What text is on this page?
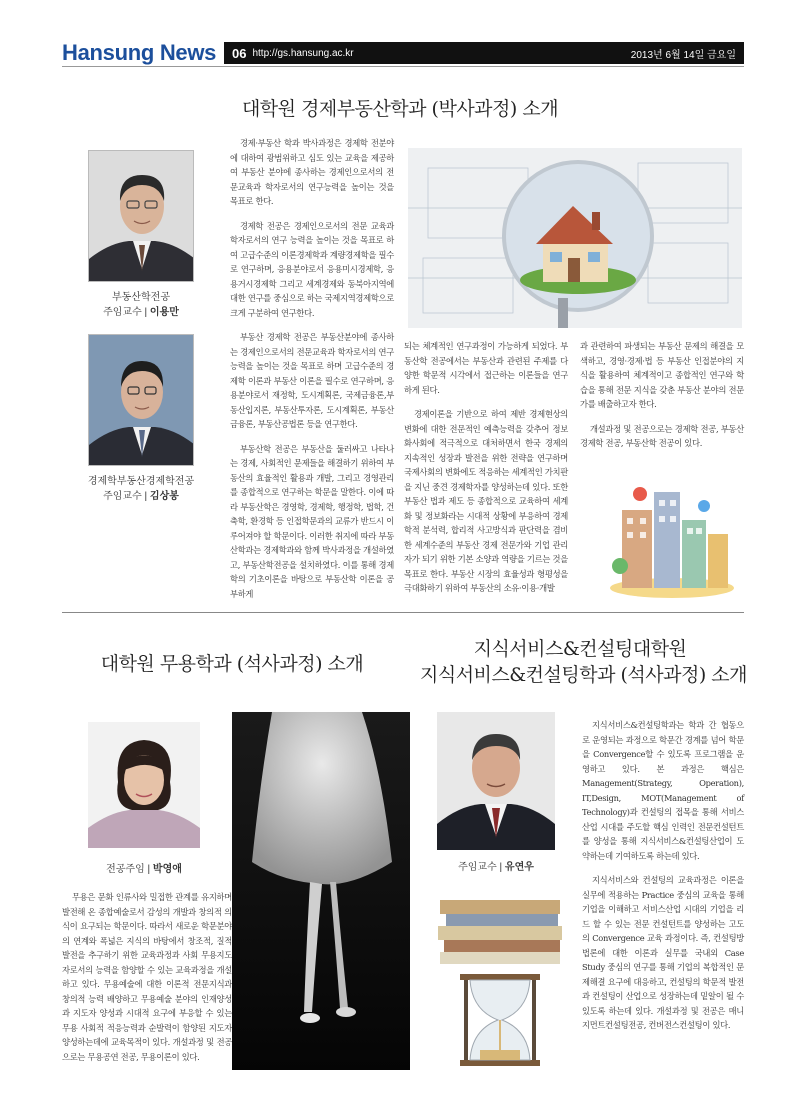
Hansung News 06 http://gs.hansung.ac.kr	2013년 6월 14일 금요일
대학원 경제부동산학과 (박사과정) 소개
부동산학전공
주임교수 | 이용만
경제학부동산경제학전공
주임교수 | 김상봉

경제·부동산 학과 박사과정은 경제학 전분야에 대하여 광범위하고 심도 있는 교육을 제공하여 부동산 분야에 종사하는 경제인으로서의 전문교육과 학자로서의 연구능력을 높이는 것을 목표로 한다.

경제학 전공은 경제인으로서의 전문 교육과 학자로서의 연구 능력을 높이는 것을 목표로 하여 고급수준의 이론경제학과 계량경제학을 필수로 연구하며, 응용분야로서 응용미시경제학, 응용거시경제학 그리고 세계경제와 동북아지역에 대한 연구를 중심으로 하는 국제지역경제학으로 크게 구분하여 연구한다.

부동산 경제학 전공은 부동산분야에 종사하는 경제인으로서의 전문교육과 학자로서의 연구 능력을 높이는 것을 목표로 하며 고급수준의 경제학 이론과 부동산 이론을 필수로 연구하며, 응용분야로서 재정학, 도시계획론, 국제금융론,부동산입지론, 부동산투자론, 도시계획론, 부동산금융론, 부동산공법론 등을 연구한다.

부동산학 전공은 부동산을 둘러싸고 나타나는 경제, 사회적인 문제들을 해결하기 위하여 부동산의 효율적인 활용과 개발, 그리고 경영관리를 종합적으로 연구하는 학문을 말한다. 이에 따라 부동산학은 경영학, 경제학, 행정학, 법학, 건축학, 환경학 등 인접학문과의 교류가 반드시 이루어져야 할 학문이다. 이러한 취지에 따라 부동산학과는 경제학과와 함께 박사과정을 개설하였고, 부동산학전공을 설치하였다. 이를 통해 경제학의 기초이론을 바탕으로 부동산학 이론을 공부하게

되는 체계적인 연구과정이 가능하게 되었다. 부동산학 전공에서는 부동산과 관련된 주제를 다양한 학문적 시각에서 접근하는 이론들을 연구하게 된다.

경제이론을 기반으로 하여 제반 경제현상의 변화에 대한 전문적인 예측능력을 갖추어 정보화사회에 적극적으로 대처하면서 한국 경제의 지속적인 성장과 발전을 위한 전략을 연구하며 국제사회의 변화에도 적응하는 세계적인 가치판을 지닌 중견 경제학자를 양성하는데 있다. 또한 부동산 법과 제도 등 종합적으로 교육하여 세계화 및 정보화라는 시대적 상황에 부응하여 경제학적 분석력, 합리적 사고방식과 판단력을 겸비한 세계수준의 부동산 경제 전문가와 기업 관리자가 되기 위한 기본 소양과 역량을 기르는 것을 목표로 한다. 부동산 시장의 효율성과 형평성을 극대화하기 위하여 부동산의 소유·이용·개발

과 관련하여 파생되는 부동산 문제의 해결을 모색하고, 경영·경제·법 등 부동산 인접분야의 지식을 활용하여 체계적이고 종합적인 연구와 학습을 통해 전문 지식을 갖춘 부동산 분야의 전문가를 배출하고자 한다.

개설과정 및 전공으로는 경제학 전공, 부동산경제학 전공, 부동산학 전공이 있다.

대학원 무용학과 (석사과정) 소개
전공주임 | 박영애

무용은 문화 인류사와 밀접한 관계를 유지하며 발전해 온 종합예술로서 감성의 개발과 창의적 의식이 요구되는 학문이다. 따라서 새로운 학문분야의 연계와 폭넓은 지식의 바탕에서 창조적, 질적 발전을 추구하기 위한 교육과정과 사회 무용지도자로서의 능력을 함양할 수 있는 교육과정을 개설하고 있다. 무용예술에 대한 이론적 전문지식과 창의적 능력 배양하고 무용예술 분야의 인재양성과 지도자 양성과 시대적 요구에 부응할 수 있는 무용 사회적 적응능력과 순발력이 함양된 지도자 양성하는데에 교육목적이 있다. 개설과정 및 전공으로는 무용공연 전공, 무용이론이 있다.

지식서비스&컨설팅대학원
지식서비스&컨설팅학과 (석사과정) 소개
주임교수 | 유연우

지식서비스&컨설팅학과는 학과 간 협동으로 운영되는 과정으로 학문간 경계를 넘어 학문을 Convergence할 수 있도록 프로그램을 운영하고 있다. 본 과정은 핵심은 Management(Strategy, Operation), IT,Design, MOT(Management of Technology)과 컨설팅의 접목을 통해 서비스산업 시대를 주도할 핵심 인력인 전문컨설턴트를 양성을 통해 지식서비스&컨설팅산업이 도약하는데 기여하도록 하는데 있다.

지식서비스와 컨설팅의 교육과정은 이론을 실무에 적용하는 Practice 중심의 교육을 통해 기업을 이해하고 서비스산업 시대의 기업을 리드 할 수 있는 전문 컨설턴트를 양성하는 고도의 Convergence 교육 과정이다. 즉, 컨설팅방법론에 대한 이론과 실무를 국내외 Case Study 중심의 연구를 통해 기업의 복합적인 문제해결 요구에 대응하고, 컨설팅의 학문적 발전과 컨설팅이 산업으로 성장하는데 밑알이 될 수 있도록 하는데 있다. 개설과정 및 전공은 매니지먼트컨설팅전공, 컨버전스컨설팅이 있다.
